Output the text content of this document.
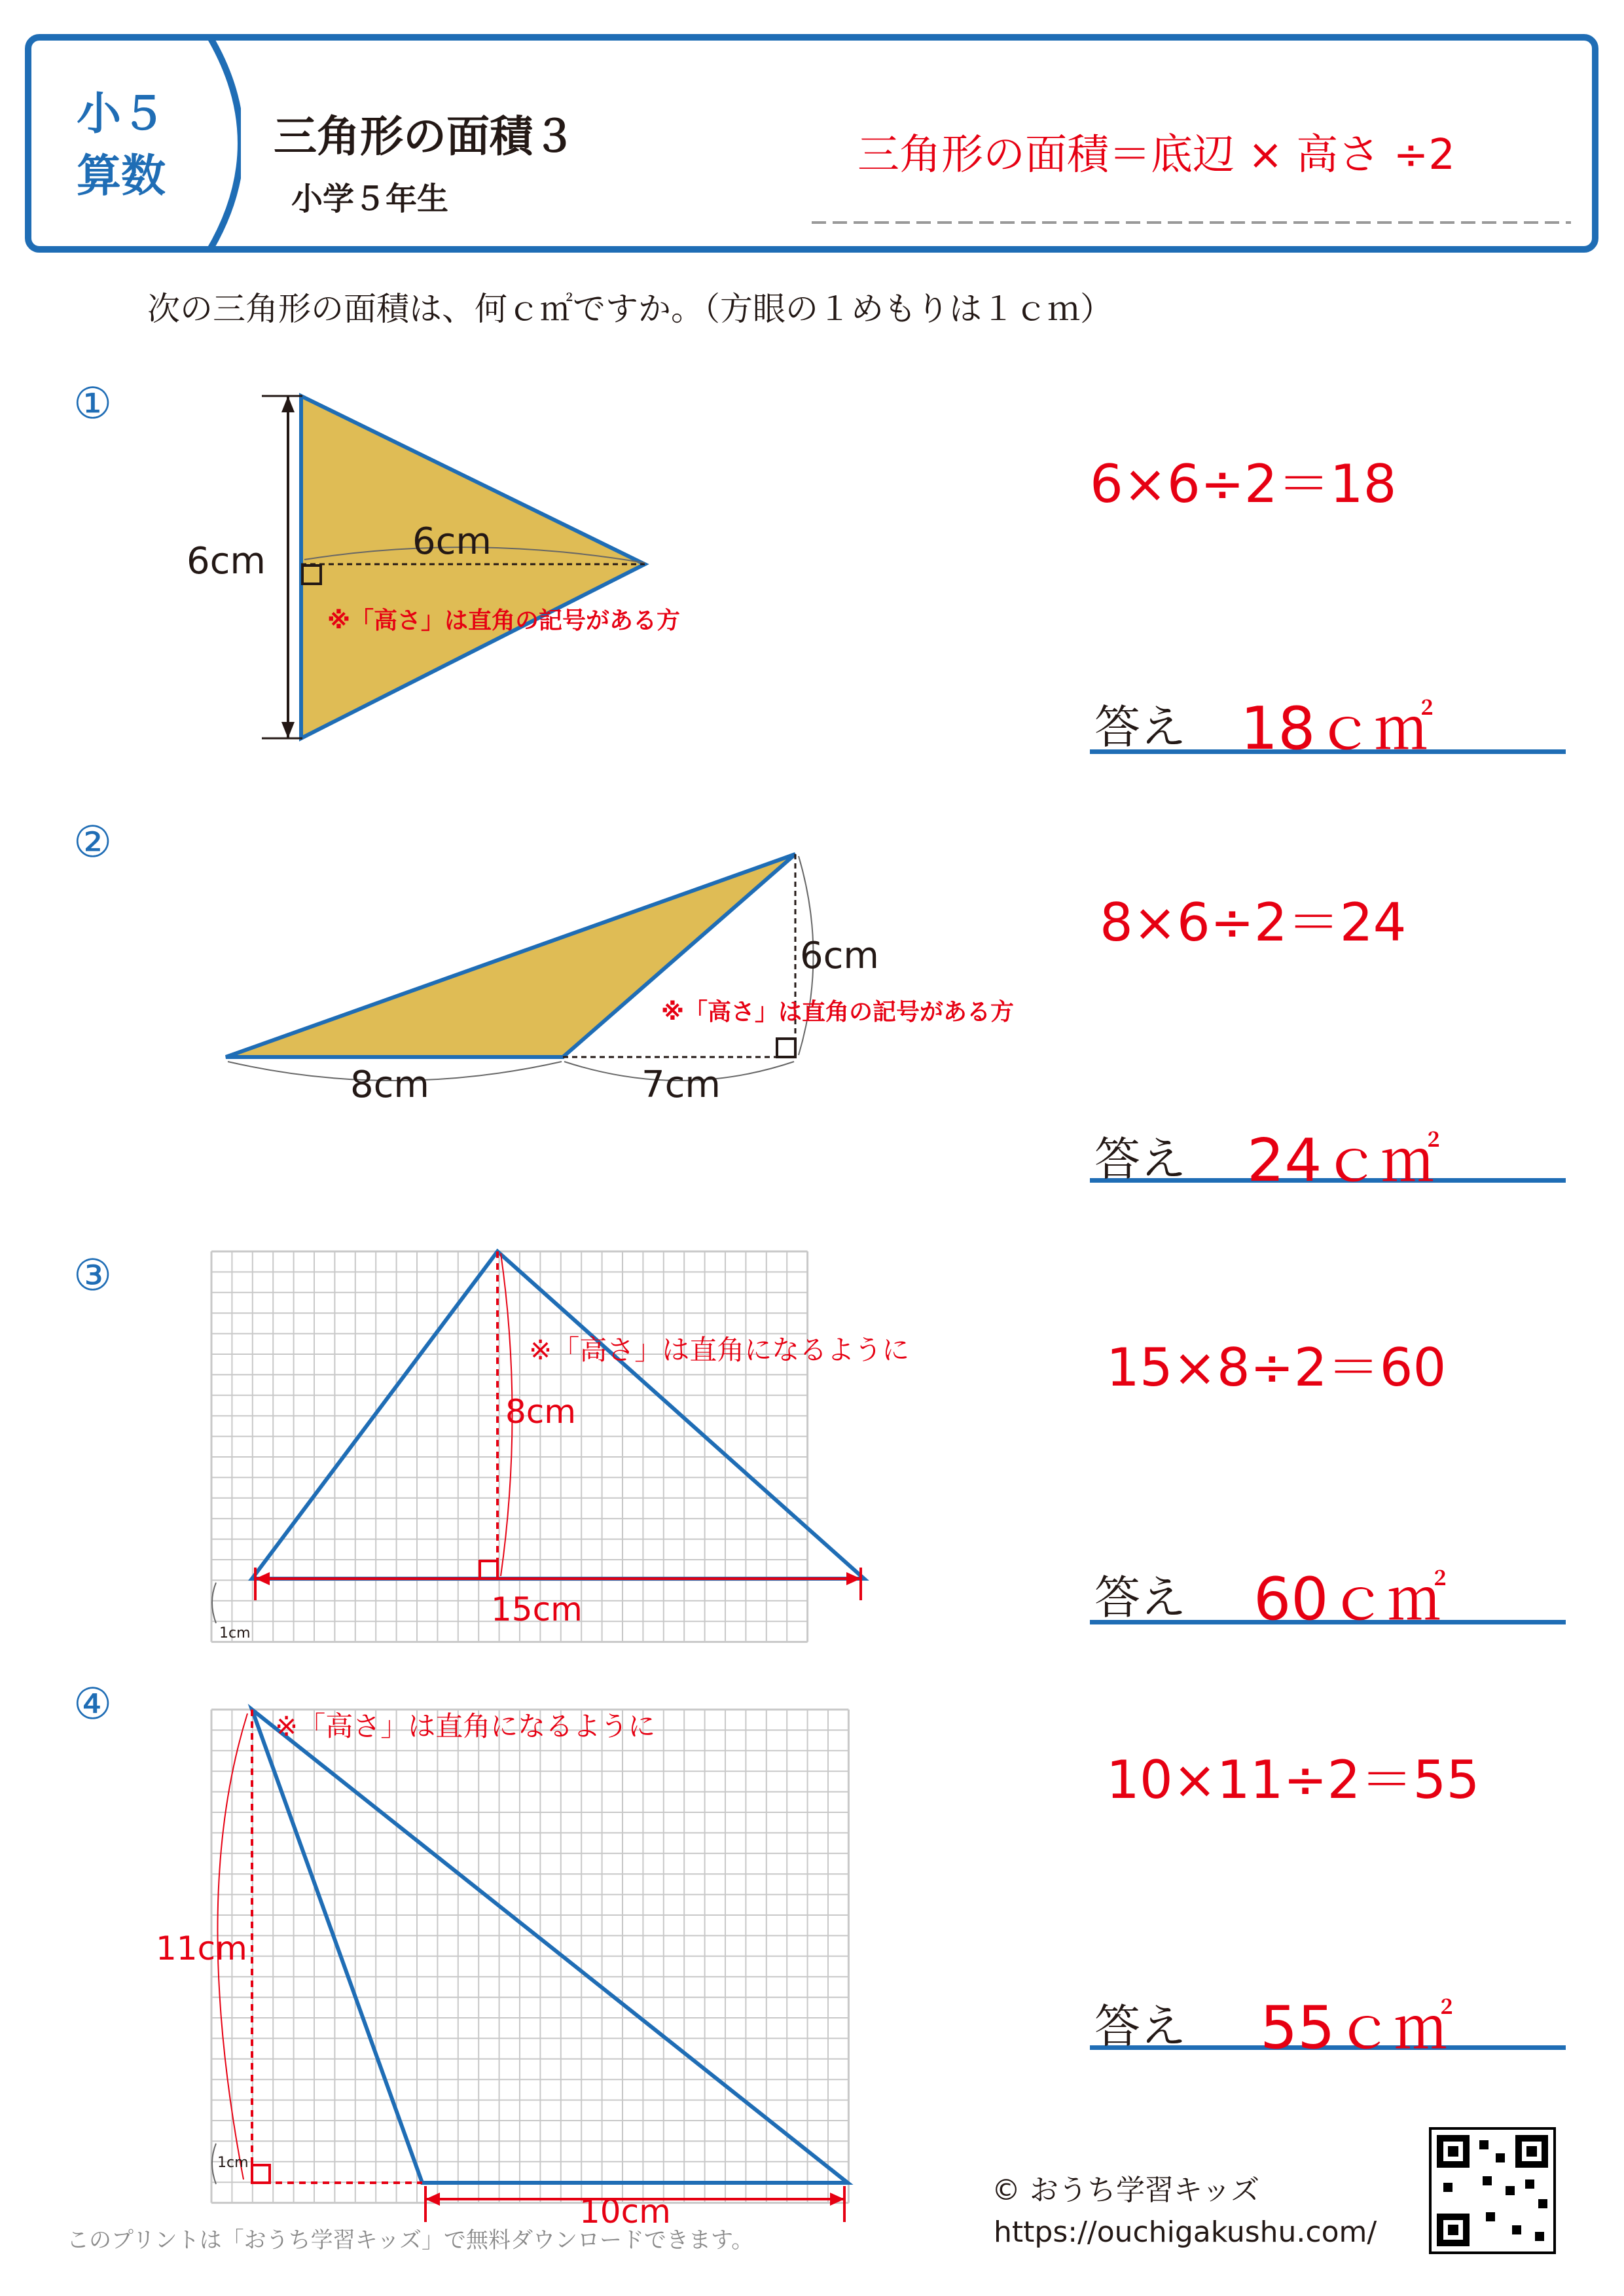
小５
算数
三角形の面積３
小学５年生
三角形の面積＝底辺 × 高さ ÷2
次の三角形の面積は、何ｃ㎡ですか。（方眼の１めもりは１ｃｍ）
①
6cm	6cm
※「高さ」は直角の記号がある方
6×6÷2＝18
答え 18ｃ㎡
②
6cm
8cm	7cm
※「高さ」は直角の記号がある方
8×6÷2＝24
答え 24ｃ㎡
③
8cm
15cm
1cm
※「高さ」は直角になるように	15×8÷2＝60
答え 60ｃ㎡
④
11cm
10cm
1cm
※「高さ」は直角になるように
10×11÷2＝55
答え 55ｃ㎡
このプリントは「おうち学習キッズ」で無料ダウンロードできます。
© おうち学習キッズ
https://ouchigakushu.com/
